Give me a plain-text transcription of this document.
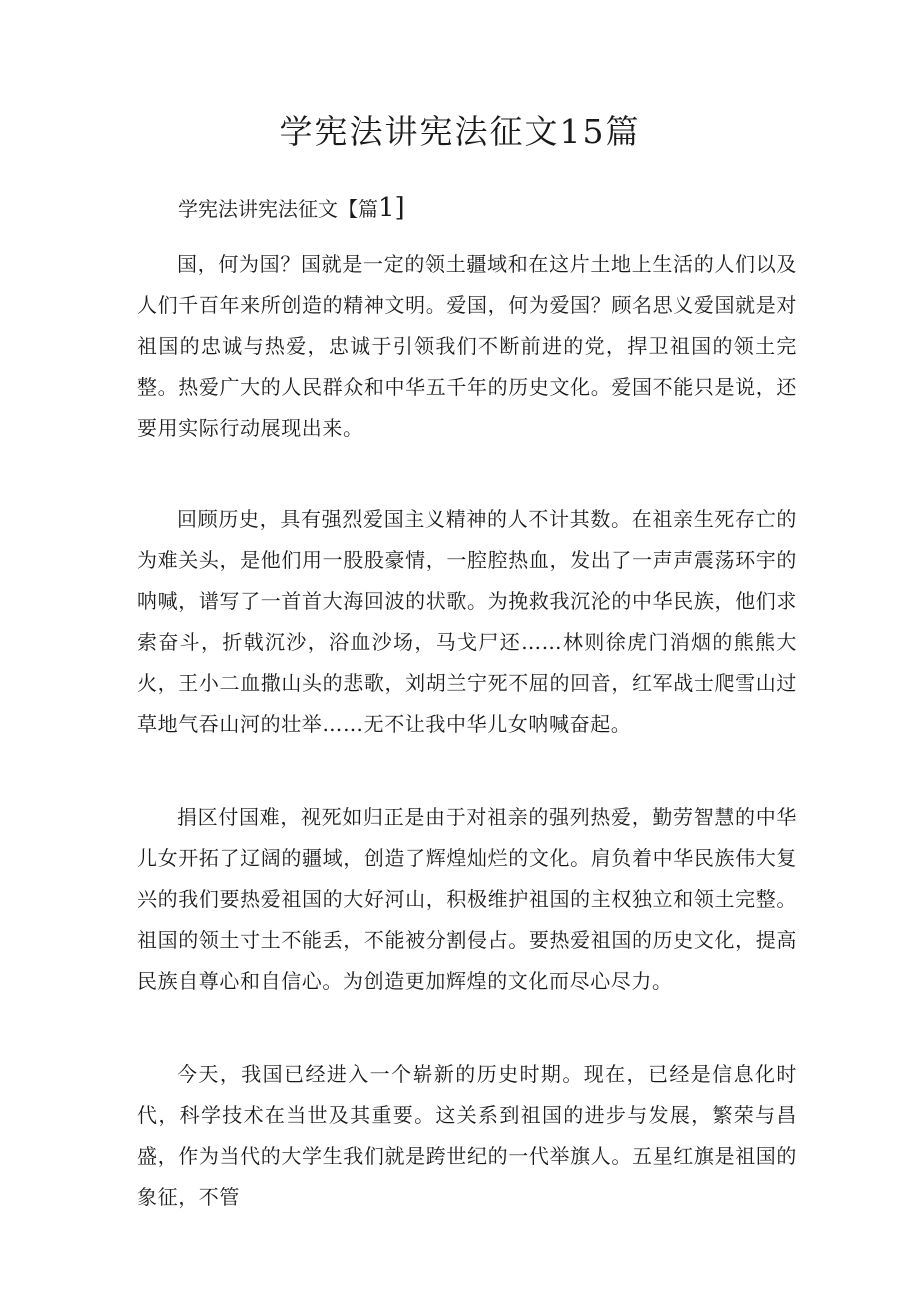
学宪法讲宪法征文15篇
学宪法讲宪法征文【篇1]

国，何为国？国就是一定的领土疆域和在这片土地上生活的人们以及人们千百年来所创造的精神文明。爱国，何为爱国？顾名思义爱国就是对祖国的忠诚与热爱，忠诚于引领我们不断前进的党，捍卫祖国的领土完整。热爱广大的人民群众和中华五千年的历史文化。爱国不能只是说，还要用实际行动展现出来。

回顾历史，具有强烈爱国主义精神的人不计其数。在祖亲生死存亡的为难关头，是他们用一股股豪情，一腔腔热血，发出了一声声震荡环宇的呐喊，谱写了一首首大海回波的状歌。为挽救我沉沦的中华民族，他们求索奋斗，折戟沉沙，浴血沙场，马戈尸还……林则徐虎门消烟的熊熊大火，王小二血撒山头的悲歌，刘胡兰宁死不屈的回音，红军战士爬雪山过草地气吞山河的壮举……无不让我中华儿女呐喊奋起。

捐区付国难，视死如归正是由于对祖亲的强列热爱，勤劳智慧的中华儿女开拓了辽阔的疆域，创造了辉煌灿烂的文化。肩负着中华民族伟大复兴的我们要热爱祖国的大好河山，积极维护祖国的主权独立和领土完整。祖国的领土寸土不能丢，不能被分割侵占。要热爱祖国的历史文化，提高民族自尊心和自信心。为创造更加辉煌的文化而尽心尽力。

今天，我国已经进入一个崭新的历史时期。现在，已经是信息化时代，科学技术在当世及其重要。这关系到祖国的进步与发展，繁荣与昌盛，作为当代的大学生我们就是跨世纪的一代举旗人。五星红旗是祖国的象征，不管
